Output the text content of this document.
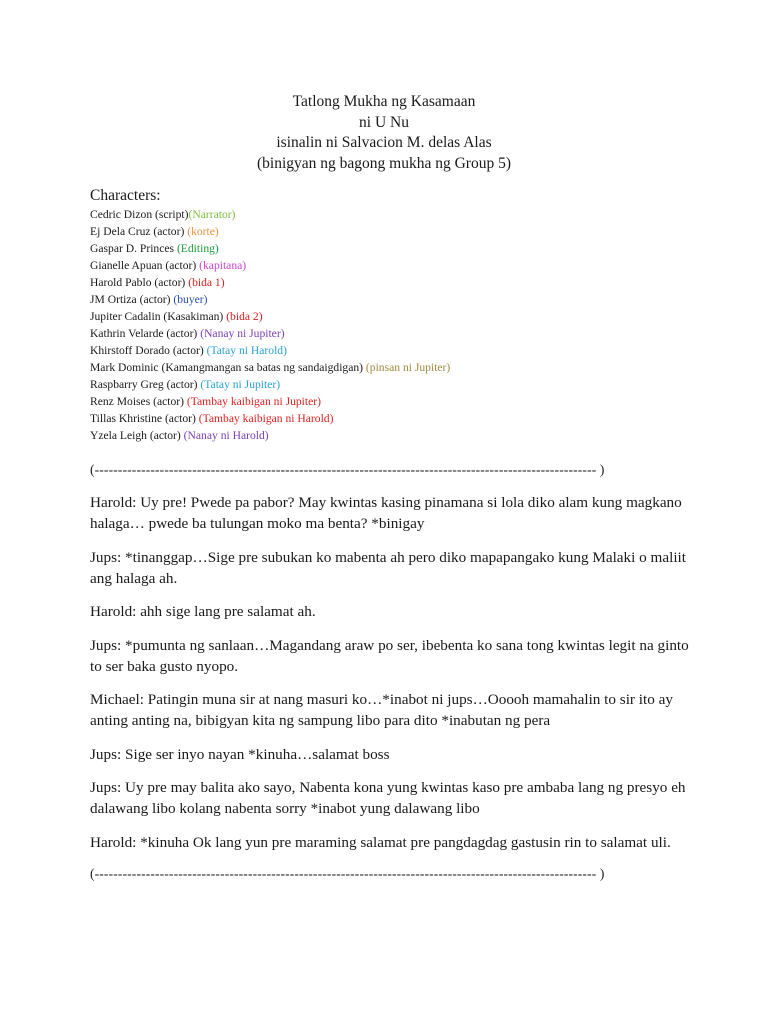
Tatlong Mukha ng Kasamaan
ni U Nu
isinalin ni Salvacion M. delas Alas
(binigyan ng bagong mukha ng Group 5)
Characters:
Cedric Dizon (script)(Narrator)
Ej Dela Cruz (actor) (korte)
Gaspar D. Princes (Editing)
Gianelle Apuan (actor) (kapitana)
Harold Pablo (actor) (bida 1)
JM Ortiza (actor) (buyer)
Jupiter Cadalin (Kasakiman) (bida 2)
Kathrin Velarde (actor) (Nanay ni Jupiter)
Khirstoff Dorado (actor) (Tatay ni Harold)
Mark Dominic (Kamangmangan sa batas ng sandaigdigan) (pinsan ni Jupiter)
Raspbarry Greg (actor) (Tatay ni Jupiter)
Renz Moises (actor) (Tambay kaibigan ni Jupiter)
Tillas Khristine (actor) (Tambay kaibigan ni Harold)
Yzela Leigh (actor) (Nanay ni Harold)
(------------------------------------------------------------------------------------------------------------ )
Harold: Uy pre! Pwede pa pabor? May kwintas kasing pinamana si lola diko alam kung magkano halaga… pwede ba tulungan moko ma benta? *binigay
Jups: *tinanggap…Sige pre subukan ko mabenta ah pero diko mapapangako kung Malaki o maliit ang halaga ah.
Harold: ahh sige lang pre salamat ah.
Jups: *pumunta ng sanlaan…Magandang araw po ser, ibebenta ko sana tong kwintas legit na ginto to ser baka gusto nyopo.
Michael: Patingin muna sir at nang masuri ko…*inabot ni jups…Ooooh mamahalin to sir ito ay anting anting na, bibigyan kita ng sampung libo para dito *inabutan ng pera
Jups: Sige ser inyo nayan *kinuha…salamat boss
Jups: Uy pre may balita ako sayo, Nabenta kona yung kwintas kaso pre ambaba lang ng presyo eh dalawang libo kolang nabenta sorry *inabot yung dalawang libo
Harold: *kinuha Ok lang yun pre maraming salamat pre pangdagdag gastusin rin to salamat uli.
(------------------------------------------------------------------------------------------------------------ )
